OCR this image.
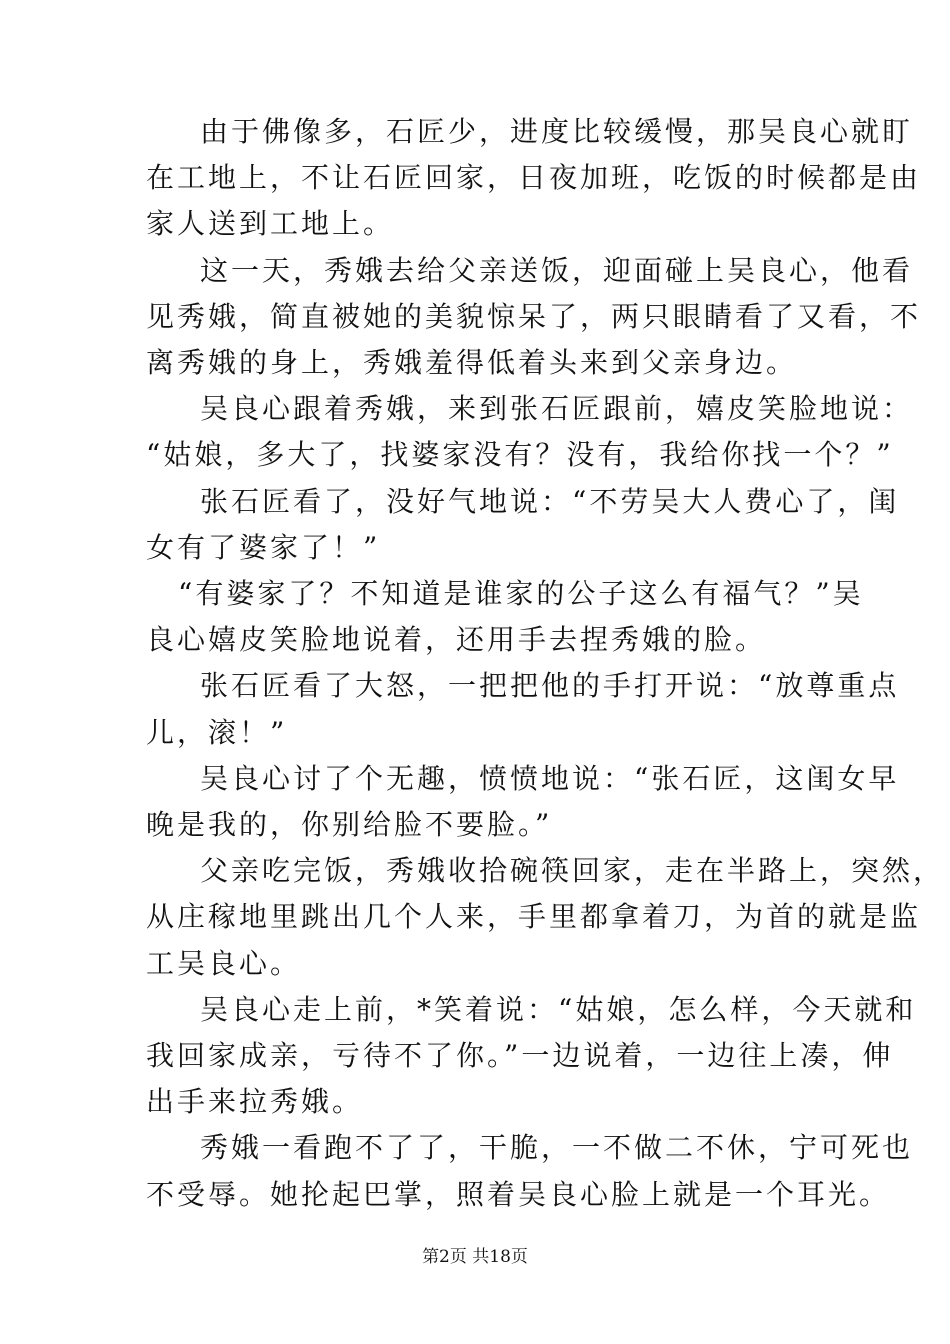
由于佛像多，石匠少，进度比较缓慢，那吴良心就盯
在工地上，不让石匠回家，日夜加班，吃饭的时候都是由
家人送到工地上。
这一天，秀娥去给父亲送饭，迎面碰上吴良心，他看
见秀娥，简直被她的美貌惊呆了，两只眼睛看了又看，不
离秀娥的身上，秀娥羞得低着头来到父亲身边。
吴良心跟着秀娥，来到张石匠跟前，嬉皮笑脸地说：
“姑娘，多大了，找婆家没有？没有，我给你找一个？”
张石匠看了，没好气地说：“不劳吴大人费心了，闺
女有了婆家了！”
“有婆家了？不知道是谁家的公子这么有福气？”吴
良心嬉皮笑脸地说着，还用手去捏秀娥的脸。
张石匠看了大怒，一把把他的手打开说：“放尊重点
儿，滚！”
吴良心讨了个无趣，愤愤地说：“张石匠，这闺女早
晚是我的，你别给脸不要脸。”
父亲吃完饭，秀娥收拾碗筷回家，走在半路上，突然，
从庄稼地里跳出几个人来，手里都拿着刀，为首的就是监
工吴良心。
吴良心走上前，*笑着说：“姑娘，怎么样，今天就和
我回家成亲，亏待不了你。”一边说着，一边往上凑，伸
出手来拉秀娥。
秀娥一看跑不了了，干脆，一不做二不休，宁可死也
不受辱。她抡起巴掌，照着吴良心脸上就是一个耳光。
第2页 共18页
